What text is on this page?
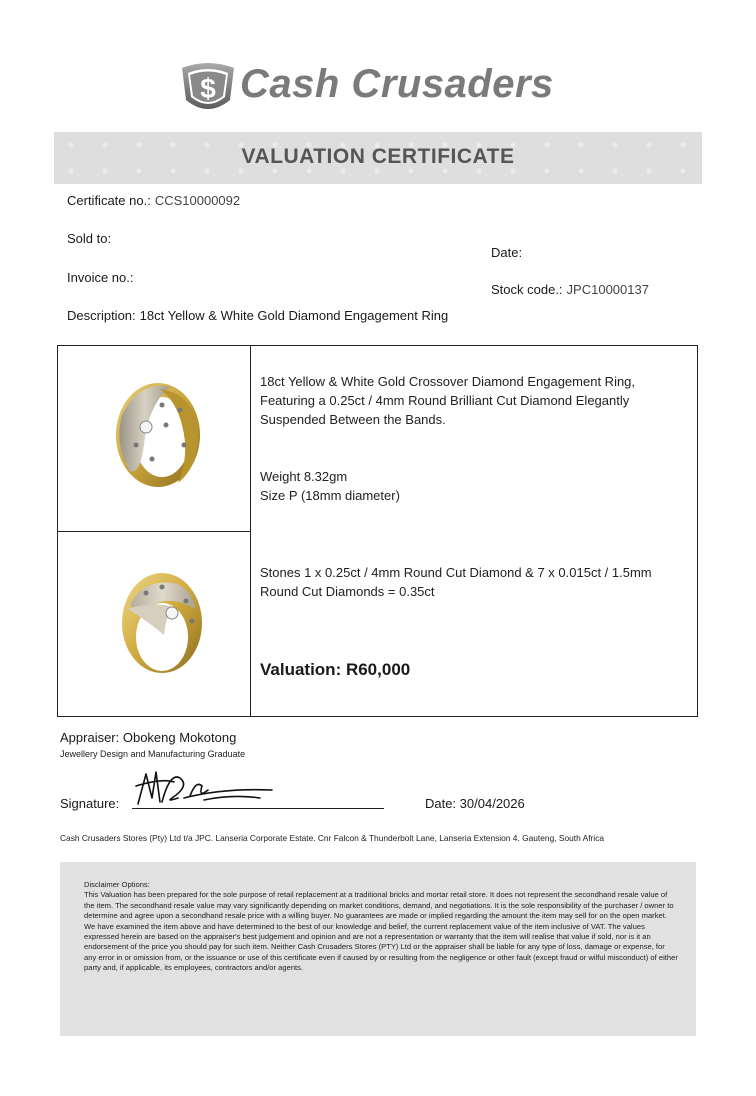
$ Cash Crusaders
VALUATION CERTIFICATE
Certificate no.: CCS10000092
Sold to:
Date:
Invoice no.:
Stock code.: JPC10000137
Description: 18ct Yellow & White Gold Diamond Engagement Ring
18ct Yellow & White Gold Crossover Diamond Engagement Ring, Featuring a 0.25ct / 4mm Round Brilliant Cut Diamond Elegantly Suspended Between the Bands.
Weight 8.32gm
Size P (18mm diameter)
Stones 1 x 0.25ct / 4mm Round Cut Diamond & 7 x 0.015ct / 1.5mm Round Cut Diamonds = 0.35ct
Valuation: R60,000
Appraiser: Obokeng Mokotong
Jewellery Design and Manufacturing Graduate
Signature:	Date: 30/04/2026
Cash Crusaders Stores (Pty) Ltd t/a JPC. Lanseria Corporate Estate. Cnr Falcon & Thunderbolt Lane, Lanseria Extension 4. Gauteng, South Africa

Disclaimer Options:

This Valuation has been prepared for the sole purpose of retail replacement at a traditional bricks and mortar retail store. It does not represent the secondhand resale value of the item. The secondhand resale value may vary significantly depending on market conditions, demand, and negotiations. It is the sole responsibility of the purchaser / owner to determine and agree upon a secondhand resale price with a willing buyer. No guarantees are made or implied regarding the amount the item may sell for on the open market.

We have examined the item above and have determined to the best of our knowledge and belief, the current replacement value of the item inclusive of VAT. The values expressed herein are based on the appraiser's best judgement and opinion and are not a representation or warranty that the item will realise that value if sold, nor is it an endorsement of the price you should pay for such item. Neither Cash Crusaders Stores (PTY) Ltd or the appraiser shall be liable for any type of loss, damage or expense, for any error in or omission from, or the issuance or use of this certificate even if caused by or resulting from the negligence or other fault (except fraud or wilful misconduct) of either party and, if applicable, its employees, contractors and/or agents.
